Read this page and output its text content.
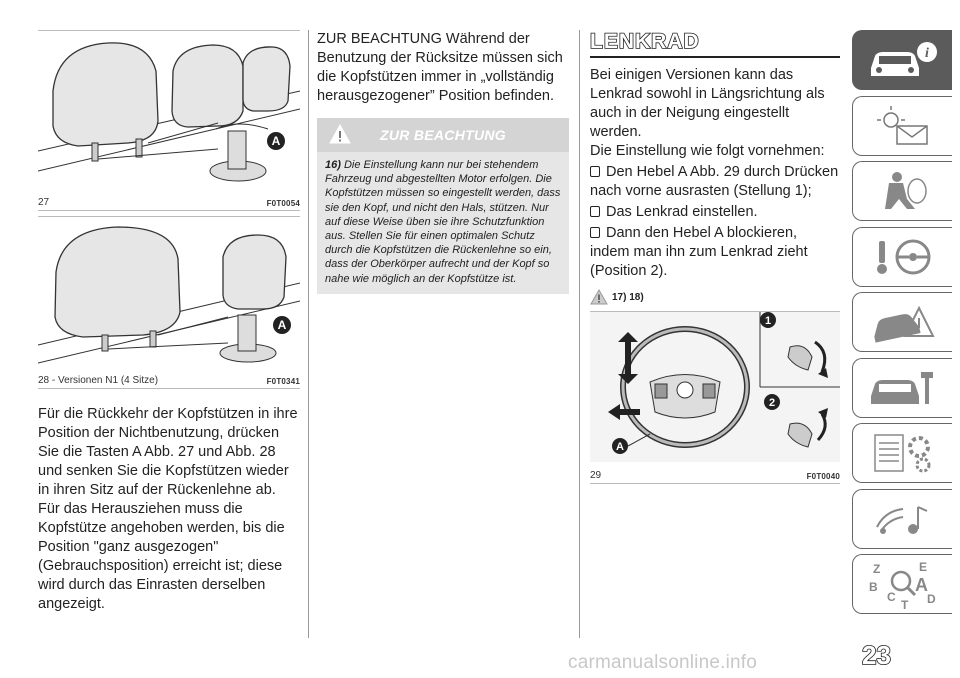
A
27	F0T0054
A
28 - Versionen N1 (4 Sitze)	F0T0341

Für die Rückkehr der Kopfstützen in ihre Position der Nichtbenutzung, drücken Sie die Tasten A Abb. 27 und Abb. 28 und senken Sie die Kopfstützen wieder in ihren Sitz auf der Rückenlehne ab.

Für das Herausziehen muss die Kopfstütze angehoben werden, bis die Position "ganz ausgezogen" (Gebrauchsposition) erreicht ist; diese wird durch das Einrasten derselben angezeigt.

ZUR BEACHTUNG Während der Benutzung der Rücksitze müssen sich die Kopfstützen immer in „vollständig herausgezogener” Position befinden.

ZUR BEACHTUNG
16) Die Einstellung kann nur bei stehendem Fahrzeug und abgestellten Motor erfolgen. Die Kopfstützen müssen so eingestellt werden, dass sie den Kopf, und nicht den Hals, stützen. Nur auf diese Weise üben sie ihre Schutzfunktion aus. Stellen Sie für einen optimalen Schutz durch die Kopfstützen die Rückenlehne so ein, dass der Oberkörper aufrecht und der Kopf so nahe wie möglich an der Kopfstütze ist.
LENKRAD

Bei einigen Versionen kann das Lenkrad sowohl in Längsrichtung als auch in der Neigung eingestellt werden.

Die Einstellung wie folgt vornehmen:

Den Hebel A Abb. 29 durch Drücken nach vorne ausrasten (Stellung 1);

Das Lenkrad einstellen.

Dann den Hebel A blockieren, indem man ihn zum Lenkrad zieht (Position 2).

17) 18)
1
2
A
29	F0T0040
i
Z	E
B A
C	D
T
23
carmanualsonline.info
